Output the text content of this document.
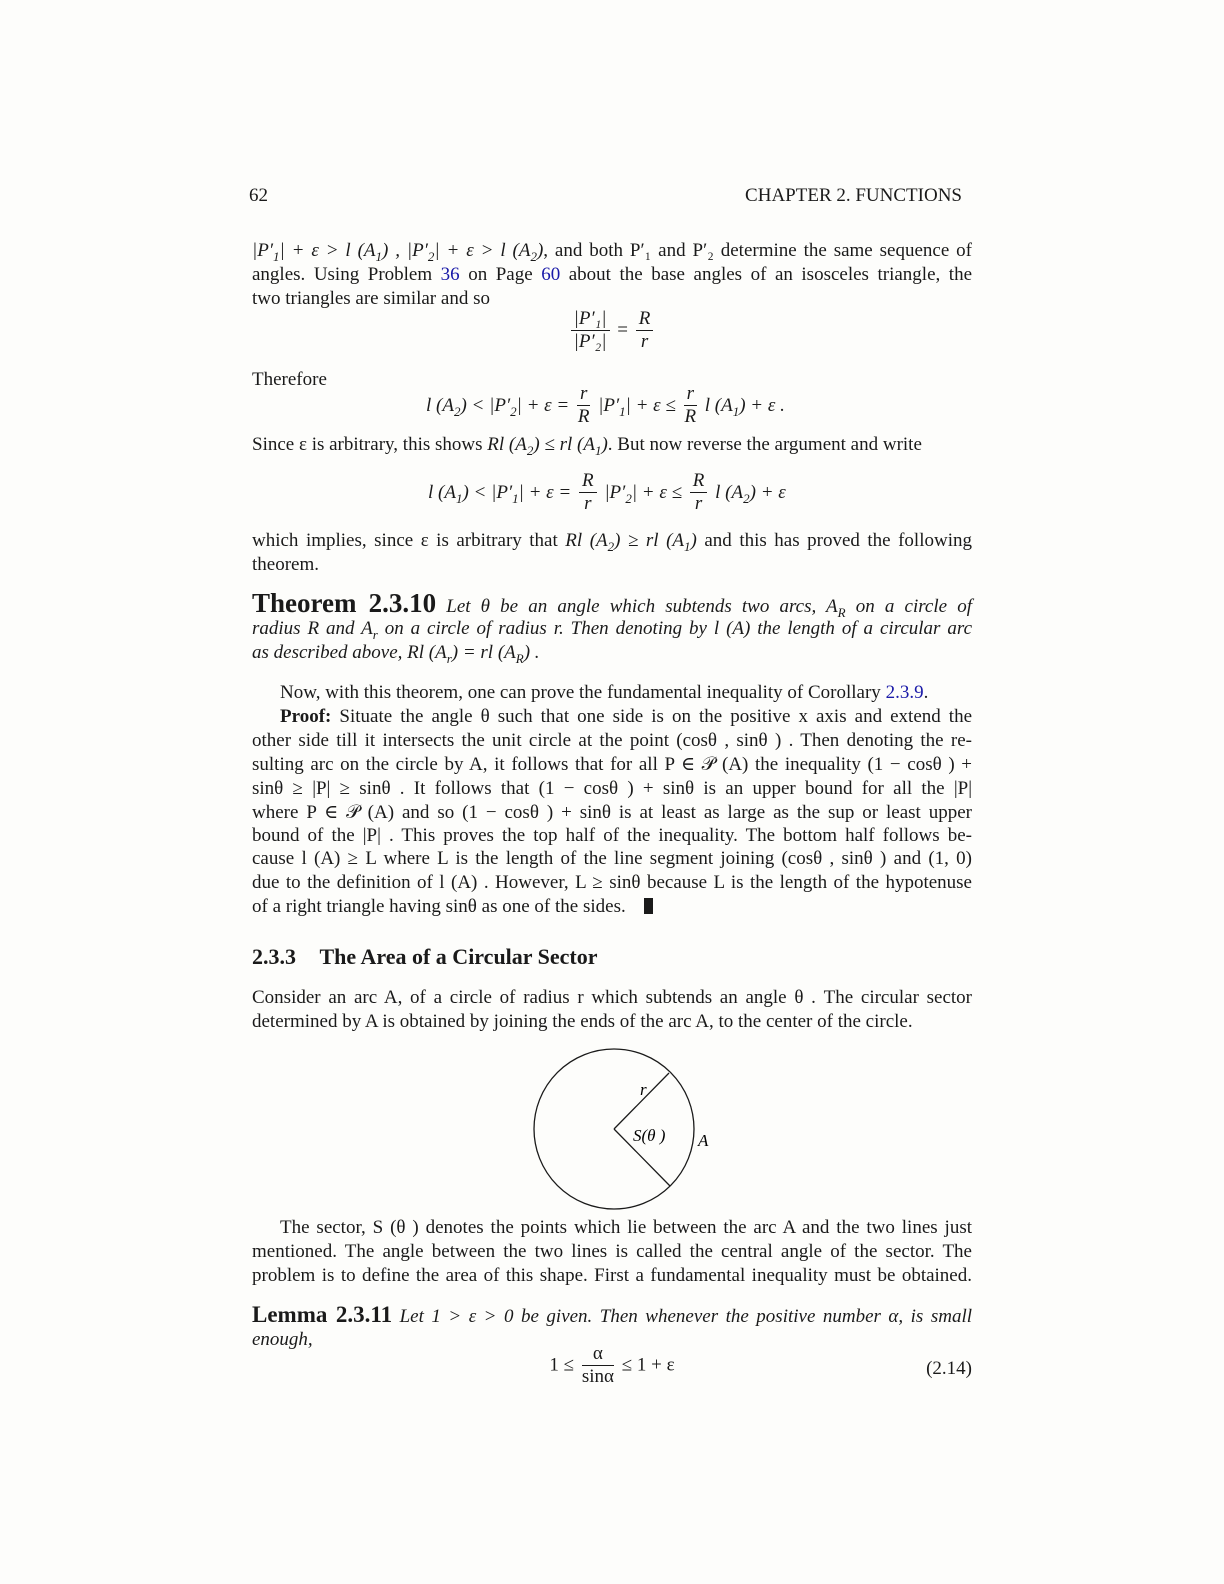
62	CHAPTER 2. FUNCTIONS
$|P'_1| + \varepsilon > l$ $(A_1)$ , $|P'_2| + \varepsilon > l$ $(A_2)$, and both P′₁ and P′₂ determine the same sequence of
angles. Using Problem 36 on Page 60 about the base angles of an isosceles triangle, the
two triangles are similar and so
$\frac{\text{|P′₁|}}{\text{|P′₂|}} = \frac{R}{r}$
Therefore
l $(A_2) < |P'_2| + \varepsilon = \frac{r}{R} |P'_1| + \varepsilon \le \frac{r}{R}$ l $(A_1) + \varepsilon$ .
Since ε is arbitrary, this shows Rl $(A_2)$ ≤ rl $(A_1)$. But now reverse the argument and write
l $(A_1) < |P'_1| + \varepsilon = \frac{R}{r} |P'_2| + \varepsilon \le \frac{R}{r}$ l $(A_2) + \varepsilon$
which implies, since ε is arbitrary that Rl $(A_2)$ ≥ rl $(A_1)$ and this has proved the following
theorem.
Theorem 2.3.10 Let θ be an angle which subtends two arcs, $A_R$ on a circle of
radius R and $A_r$ on a circle of radius r. Then denoting by l (A) the length of a circular arc
as described above, Rl $(A_r)$ = rl $(A_R)$ .
Now, with this theorem, one can prove the fundamental inequality of Corollary 2.3.9.
Proof: Situate the angle θ such that one side is on the positive x axis and extend the
other side till it intersects the unit circle at the point (cosθ , sinθ ) . Then denoting the re-
sulting arc on the circle by A, it follows that for all P ∈ 𝒫 (A) the inequality (1 − cosθ ) +
sinθ ≥ |P| ≥ sinθ . It follows that (1 − cosθ ) + sinθ is an upper bound for all the |P|
where P ∈ 𝒫 (A) and so (1 − cosθ ) + sinθ is at least as large as the sup or least upper
bound of the |P| . This proves the top half of the inequality. The bottom half follows be-
cause l (A) ≥ L where L is the length of the line segment joining (cosθ , sinθ ) and (1, 0)
due to the definition of l (A) . However, L ≥ sinθ because L is the length of the hypotenuse
of a right triangle having sinθ as one of the sides.
2.3.3 The Area of a Circular Sector
Consider an arc A, of a circle of radius r which subtends an angle θ . The circular sector
determined by A is obtained by joining the ends of the arc A, to the center of the circle.
The sector, S (θ ) denotes the points which lie between the arc A and the two lines just
mentioned. The angle between the two lines is called the central angle of the sector. The
problem is to define the area of this shape. First a fundamental inequality must be obtained.
Lemma 2.3.11 Let 1 > ε > 0 be given. Then whenever the positive number α, is small
enough,
$1 \le \frac{\alpha}{\sin\alpha} \le 1 + \varepsilon$	(2.14)
r
S(θ ) A
